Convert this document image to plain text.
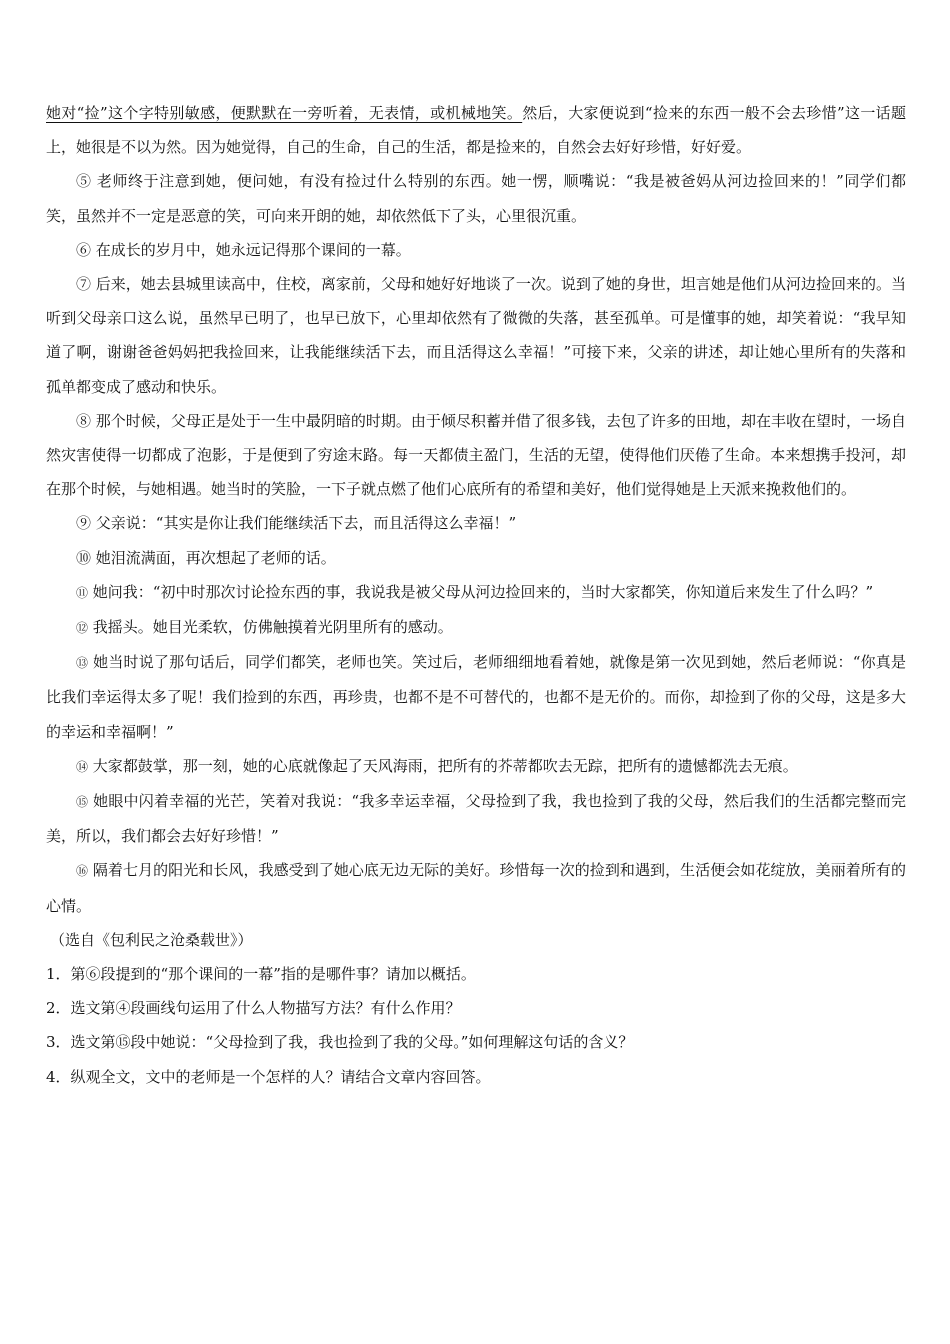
她对“捡”这个字特别敏感，便默默在一旁听着，无表情，或机械地笑。然后，大家便说到“捡来的东西一般不会去珍惜”这一话题上，她很是不以为然。因为她觉得，自己的生命，自己的生活，都是捡来的，自然会去好好珍惜，好好爱。

⑤ 老师终于注意到她，便问她，有没有捡过什么特别的东西。她一愣，顺嘴说：“我是被爸妈从河边捡回来的！”同学们都笑，虽然并不一定是恶意的笑，可向来开朗的她，却依然低下了头，心里很沉重。

⑥ 在成长的岁月中，她永远记得那个课间的一幕。

⑦ 后来，她去县城里读高中，住校，离家前，父母和她好好地谈了一次。说到了她的身世，坦言她是他们从河边捡回来的。当听到父母亲口这么说，虽然早已明了，也早已放下，心里却依然有了微微的失落，甚至孤单。可是懂事的她，却笑着说：“我早知道了啊，谢谢爸爸妈妈把我捡回来，让我能继续活下去，而且活得这么幸福！”可接下来，父亲的讲述，却让她心里所有的失落和孤单都变成了感动和快乐。

⑧ 那个时候，父母正是处于一生中最阴暗的时期。由于倾尽积蓄并借了很多钱，去包了许多的田地，却在丰收在望时，一场自然灾害使得一切都成了泡影，于是便到了穷途末路。每一天都债主盈门，生活的无望，使得他们厌倦了生命。本来想携手投河，却在那个时候，与她相遇。她当时的笑脸，一下子就点燃了他们心底所有的希望和美好，他们觉得她是上天派来挽救他们的。

⑨ 父亲说：“其实是你让我们能继续活下去，而且活得这么幸福！”

⑩ 她泪流满面，再次想起了老师的话。

⑪ 她问我：“初中时那次讨论捡东西的事，我说我是被父母从河边捡回来的，当时大家都笑，你知道后来发生了什么吗？”

⑫ 我摇头。她目光柔软，仿佛触摸着光阴里所有的感动。

⑬ 她当时说了那句话后，同学们都笑，老师也笑。笑过后，老师细细地看着她，就像是第一次见到她，然后老师说：“你真是比我们幸运得太多了呢！我们捡到的东西，再珍贵，也都不是不可替代的，也都不是无价的。而你，却捡到了你的父母，这是多大的幸运和幸福啊！”

⑭ 大家都鼓掌，那一刻，她的心底就像起了天风海雨，把所有的芥蒂都吹去无踪，把所有的遗憾都洗去无痕。

⑮ 她眼中闪着幸福的光芒，笑着对我说：“我多幸运幸福，父母捡到了我，我也捡到了我的父母，然后我们的生活都完整而完美，所以，我们都会去好好珍惜！”

⑯ 隔着七月的阳光和长风，我感受到了她心底无边无际的美好。珍惜每一次的捡到和遇到，生活便会如花绽放，美丽着所有的心情。

（选自《包利民之沧桑载世》）

1．第⑥段提到的“那个课间的一幕”指的是哪件事？请加以概括。

2．选文第④段画线句运用了什么人物描写方法？有什么作用？

3．选文第⑮段中她说：“父母捡到了我，我也捡到了我的父母。”如何理解这句话的含义？

4．纵观全文，文中的老师是一个怎样的人？请结合文章内容回答。
